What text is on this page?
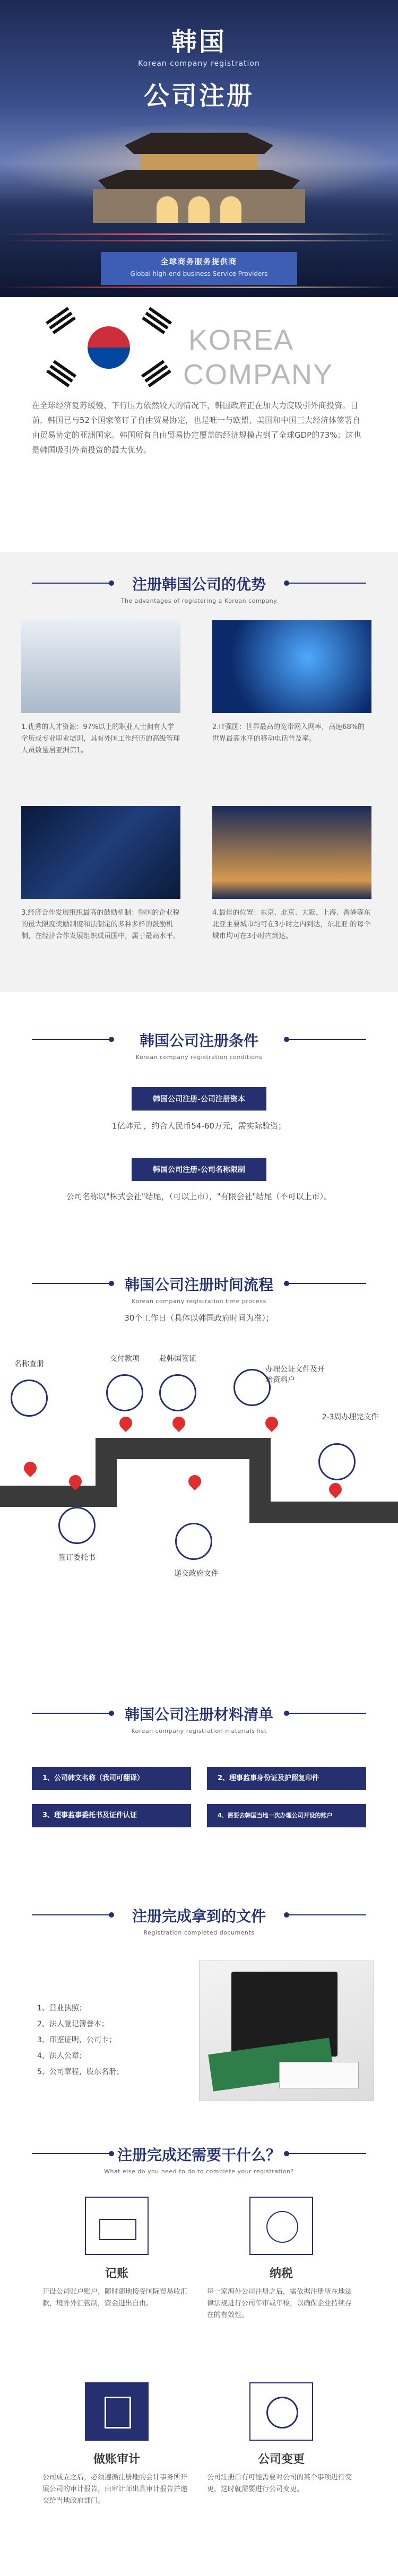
韩国
Korean company registration
公司注册
全球商务服务提供商
Global high-end business Service Providers
KOREA
COMPANY
在全球经济复苏缓慢、下行压力依然较大的情况下，韩国政府正在加大力度吸引外商投资。目前，韩国已与52个国家签订了自由贸易协定，也是唯一与欧盟、美国和中国三大经济体签署自由贸易协定的亚洲国家。韩国所有自由贸易协定覆盖的经济规模占到了全球GDP的73%；这也是韩国吸引外商投资的最大优势。
注册韩国公司的优势
The advantages of registering a Korean company
1.优秀的人才资源：97%以上的职业人士拥有大学学历或专业职业培训，具有外国工作经历的高级管理人员数量居亚洲第1。
2.IT强国：世界最高的宽带网入网率，高速68%的世界最高水平的移动电话普及率。
3.经济合作发展组织最高的鼓励机制：韩国的企业税的最大限度奖励制度和法制定的多种多样的鼓励机制，在经济合作发展组织成员国中，属于最高水平。
4.最佳的位置：东京、北京、大阪、上海、香港等东北亚主要城市均可在3小时之内到达，东北亚 的每个城市均可在3小时内到达。
韩国公司注册条件
Korean company registration conditions
韩国公司注册-公司注册资本
1亿韩元 ，约合人民币54-60万元，需实际验资；
韩国公司注册-公司名称限制
公司名称以"株式会社"结尾，（可以上市），"有限会社"结尾（不可以上市）。
韩国公司注册时间流程
Korean company registration time process
30个工作日（具体以韩国政府时间为准）；
名称查册
签订委托书
交付款项	赴韩国签证
递交政府文件
办理公证文件及开始资料户
2-3周办理完文件
韩国公司注册材料清单
Korean company registration materials list
1、公司韩文名称（我司可翻译）	2、理事监事身份证及护照复印件
3、理事监事委托书及证件认证	4、需要去韩国当地一次办理公司开设的账户
注册完成拿到的文件
Registration completed documents
1、营业执照；
2、法人登记簿誊本；
3、印鉴证明，公司卡；
4、法人公章；
5、公司章程，股东名册；
注册完成还需要干什么？
What else do you need to do to complete your registration?
记账
开设公司账户账户，随时随地接受国际贸易收汇款，境外外汇管制，资金进出自由。
纳税
每一家海外公司注册之后，需依据注册所在地法律法规进行公司年审或年检，以确保企业持续存在的有效性。
做账审计
公司成立之后，必须遵循注册地的会计事务所开展公司的审计报告，由审计师出具审计报告并递交给当地政府部门。
公司变更
公司注册后有可能需要对公司的某个事项进行变更，这时就需要进行公司变更。
